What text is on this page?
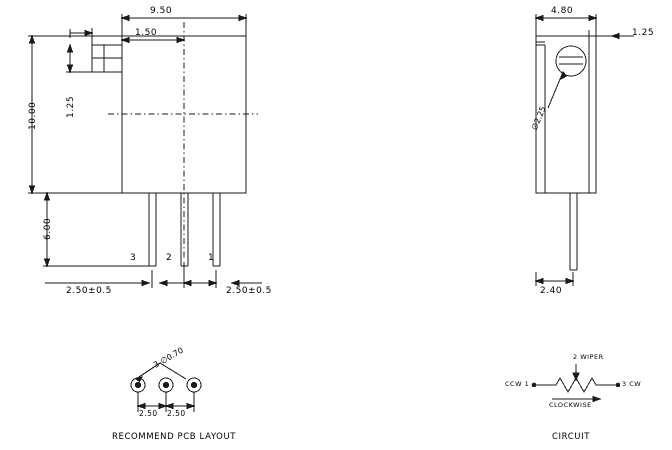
9.50
1.50
10.00	1.25
6.00
3	2	1
2.50±0.5	2.50±0.5
4.80
1.25
∅2.25
2.40
3-∅0.70
2.50 2.50
RECOMMEND PCB LAYOUT
2 WIPER
CCW 1	3 CW
CLOCKWISE
CIRCUIT
